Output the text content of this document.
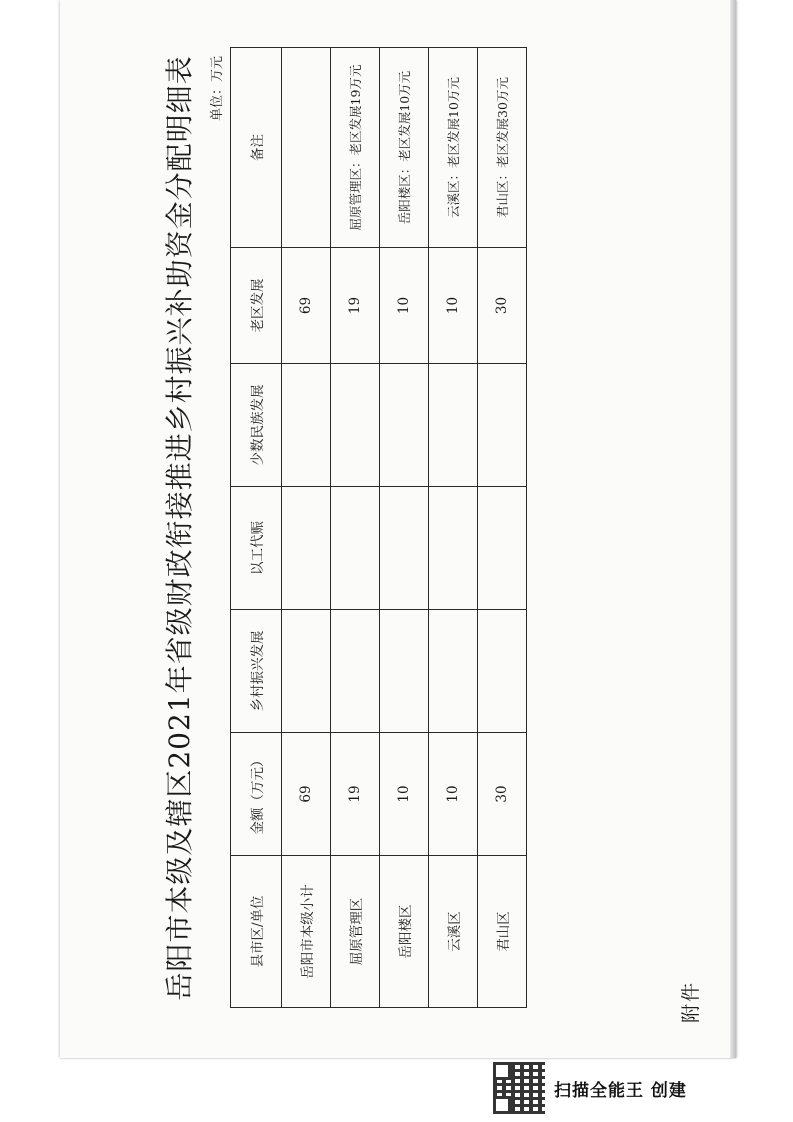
附件
岳阳市本级及辖区2021年省级财政衔接推进乡村振兴补助资金分配明细表	单位：万元
县市区/单位	金额（万元）	乡村振兴发展	以工代赈	少数民族发展	老区发展	备注
岳阳市本级小计	69				69	
屈原管理区	19				19	屈原管理区：老区发展19万元
岳阳楼区	10				10	岳阳楼区：老区发展10万元
云溪区	10				10	云溪区：老区发展10万元
君山区	30				30	君山区：老区发展30万元
扫描全能王 创建
